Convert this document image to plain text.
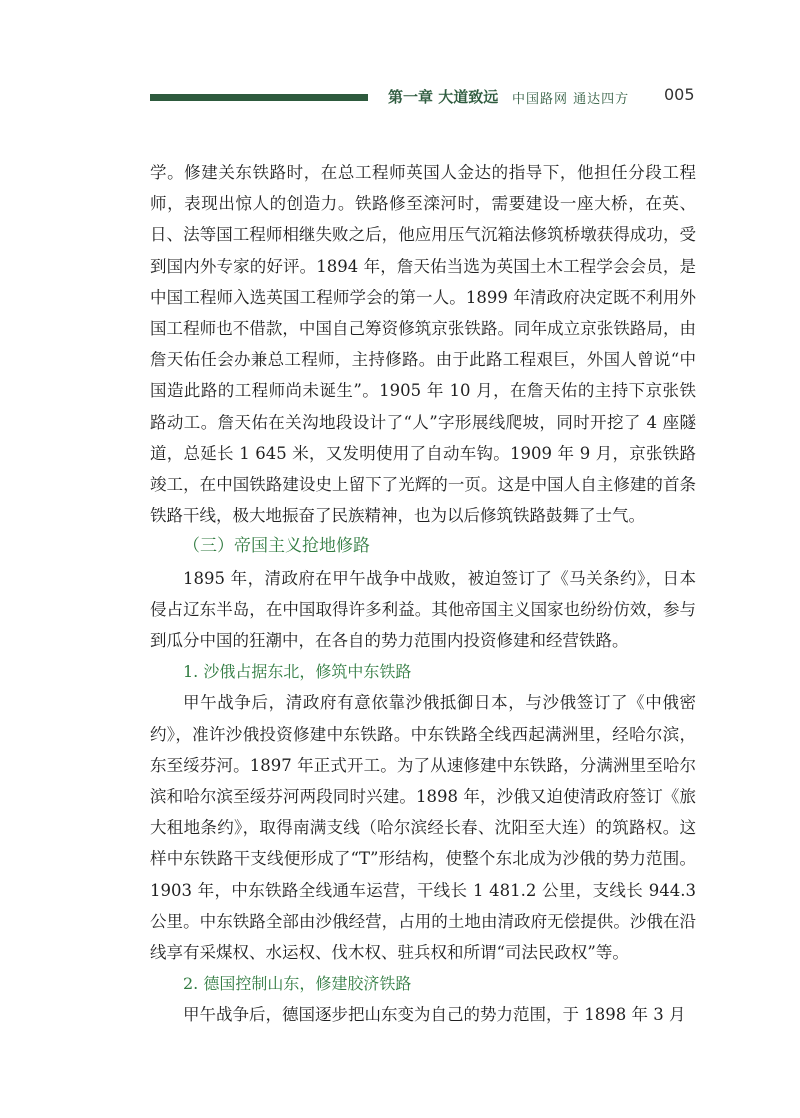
第一章 大道致远 中国路网 通达四方 005

学。修建关东铁路时，在总工程师英国人金达的指导下，他担任分段工程师，表现出惊人的创造力。铁路修至滦河时，需要建设一座大桥，在英、日、法等国工程师相继失败之后，他应用压气沉箱法修筑桥墩获得成功，受到国内外专家的好评。1894 年，詹天佑当选为英国土木工程学会会员，是中国工程师入选英国工程师学会的第一人。1899 年清政府决定既不利用外国工程师也不借款，中国自己筹资修筑京张铁路。同年成立京张铁路局，由詹天佑任会办兼总工程师，主持修路。由于此路工程艰巨，外国人曾说“中国造此路的工程师尚未诞生”。1905 年 10 月，在詹天佑的主持下京张铁路动工。詹天佑在关沟地段设计了“人”字形展线爬坡，同时开挖了 4 座隧道，总延长 1 645 米，又发明使用了自动车钩。1909 年 9 月，京张铁路竣工，在中国铁路建设史上留下了光辉的一页。这是中国人自主修建的首条铁路干线，极大地振奋了民族精神，也为以后修筑铁路鼓舞了士气。

（三）帝国主义抢地修路

1895 年，清政府在甲午战争中战败，被迫签订了《马关条约》，日本侵占辽东半岛，在中国取得许多利益。其他帝国主义国家也纷纷仿效，参与到瓜分中国的狂潮中，在各自的势力范围内投资修建和经营铁路。

1. 沙俄占据东北，修筑中东铁路

甲午战争后，清政府有意依靠沙俄抵御日本，与沙俄签订了《中俄密约》，准许沙俄投资修建中东铁路。中东铁路全线西起满洲里，经哈尔滨，东至绥芬河。1897 年正式开工。为了从速修建中东铁路，分满洲里至哈尔滨和哈尔滨至绥芬河两段同时兴建。1898 年，沙俄又迫使清政府签订《旅大租地条约》，取得南满支线（哈尔滨经长春、沈阳至大连）的筑路权。这样中东铁路干支线便形成了“T”形结构，使整个东北成为沙俄的势力范围。1903 年，中东铁路全线通车运营，干线长 1 481.2 公里，支线长 944.3 公里。中东铁路全部由沙俄经营，占用的土地由清政府无偿提供。沙俄在沿线享有采煤权、水运权、伐木权、驻兵权和所谓“司法民政权”等。

2. 德国控制山东，修建胶济铁路

甲午战争后，德国逐步把山东变为自己的势力范围，于 1898 年 3 月
